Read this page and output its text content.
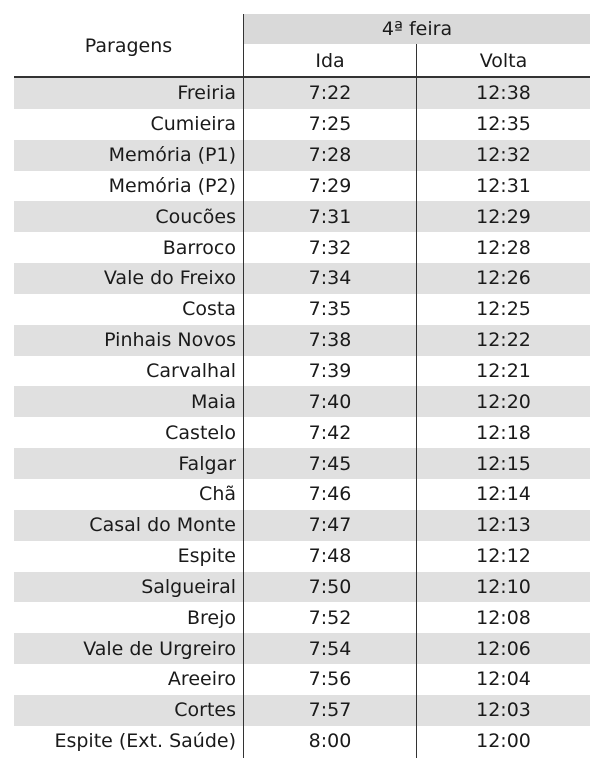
Paragens
4ª feira
Ida	Volta
Freiria	7:22	12:38
Cumieira	7:25	12:35
Memória (P1)	7:28	12:32
Memória (P2)	7:29	12:31
Coucões	7:31	12:29
Barroco	7:32	12:28
Vale do Freixo	7:34	12:26
Costa	7:35	12:25
Pinhais Novos	7:38	12:22
Carvalhal	7:39	12:21
Maia	7:40	12:20
Castelo	7:42	12:18
Falgar	7:45	12:15
Chã	7:46	12:14
Casal do Monte	7:47	12:13
Espite	7:48	12:12
Salgueiral	7:50	12:10
Brejo	7:52	12:08
Vale de Urgreiro	7:54	12:06
Areeiro	7:56	12:04
Cortes	7:57	12:03
Espite (Ext. Saúde)	8:00	12:00
